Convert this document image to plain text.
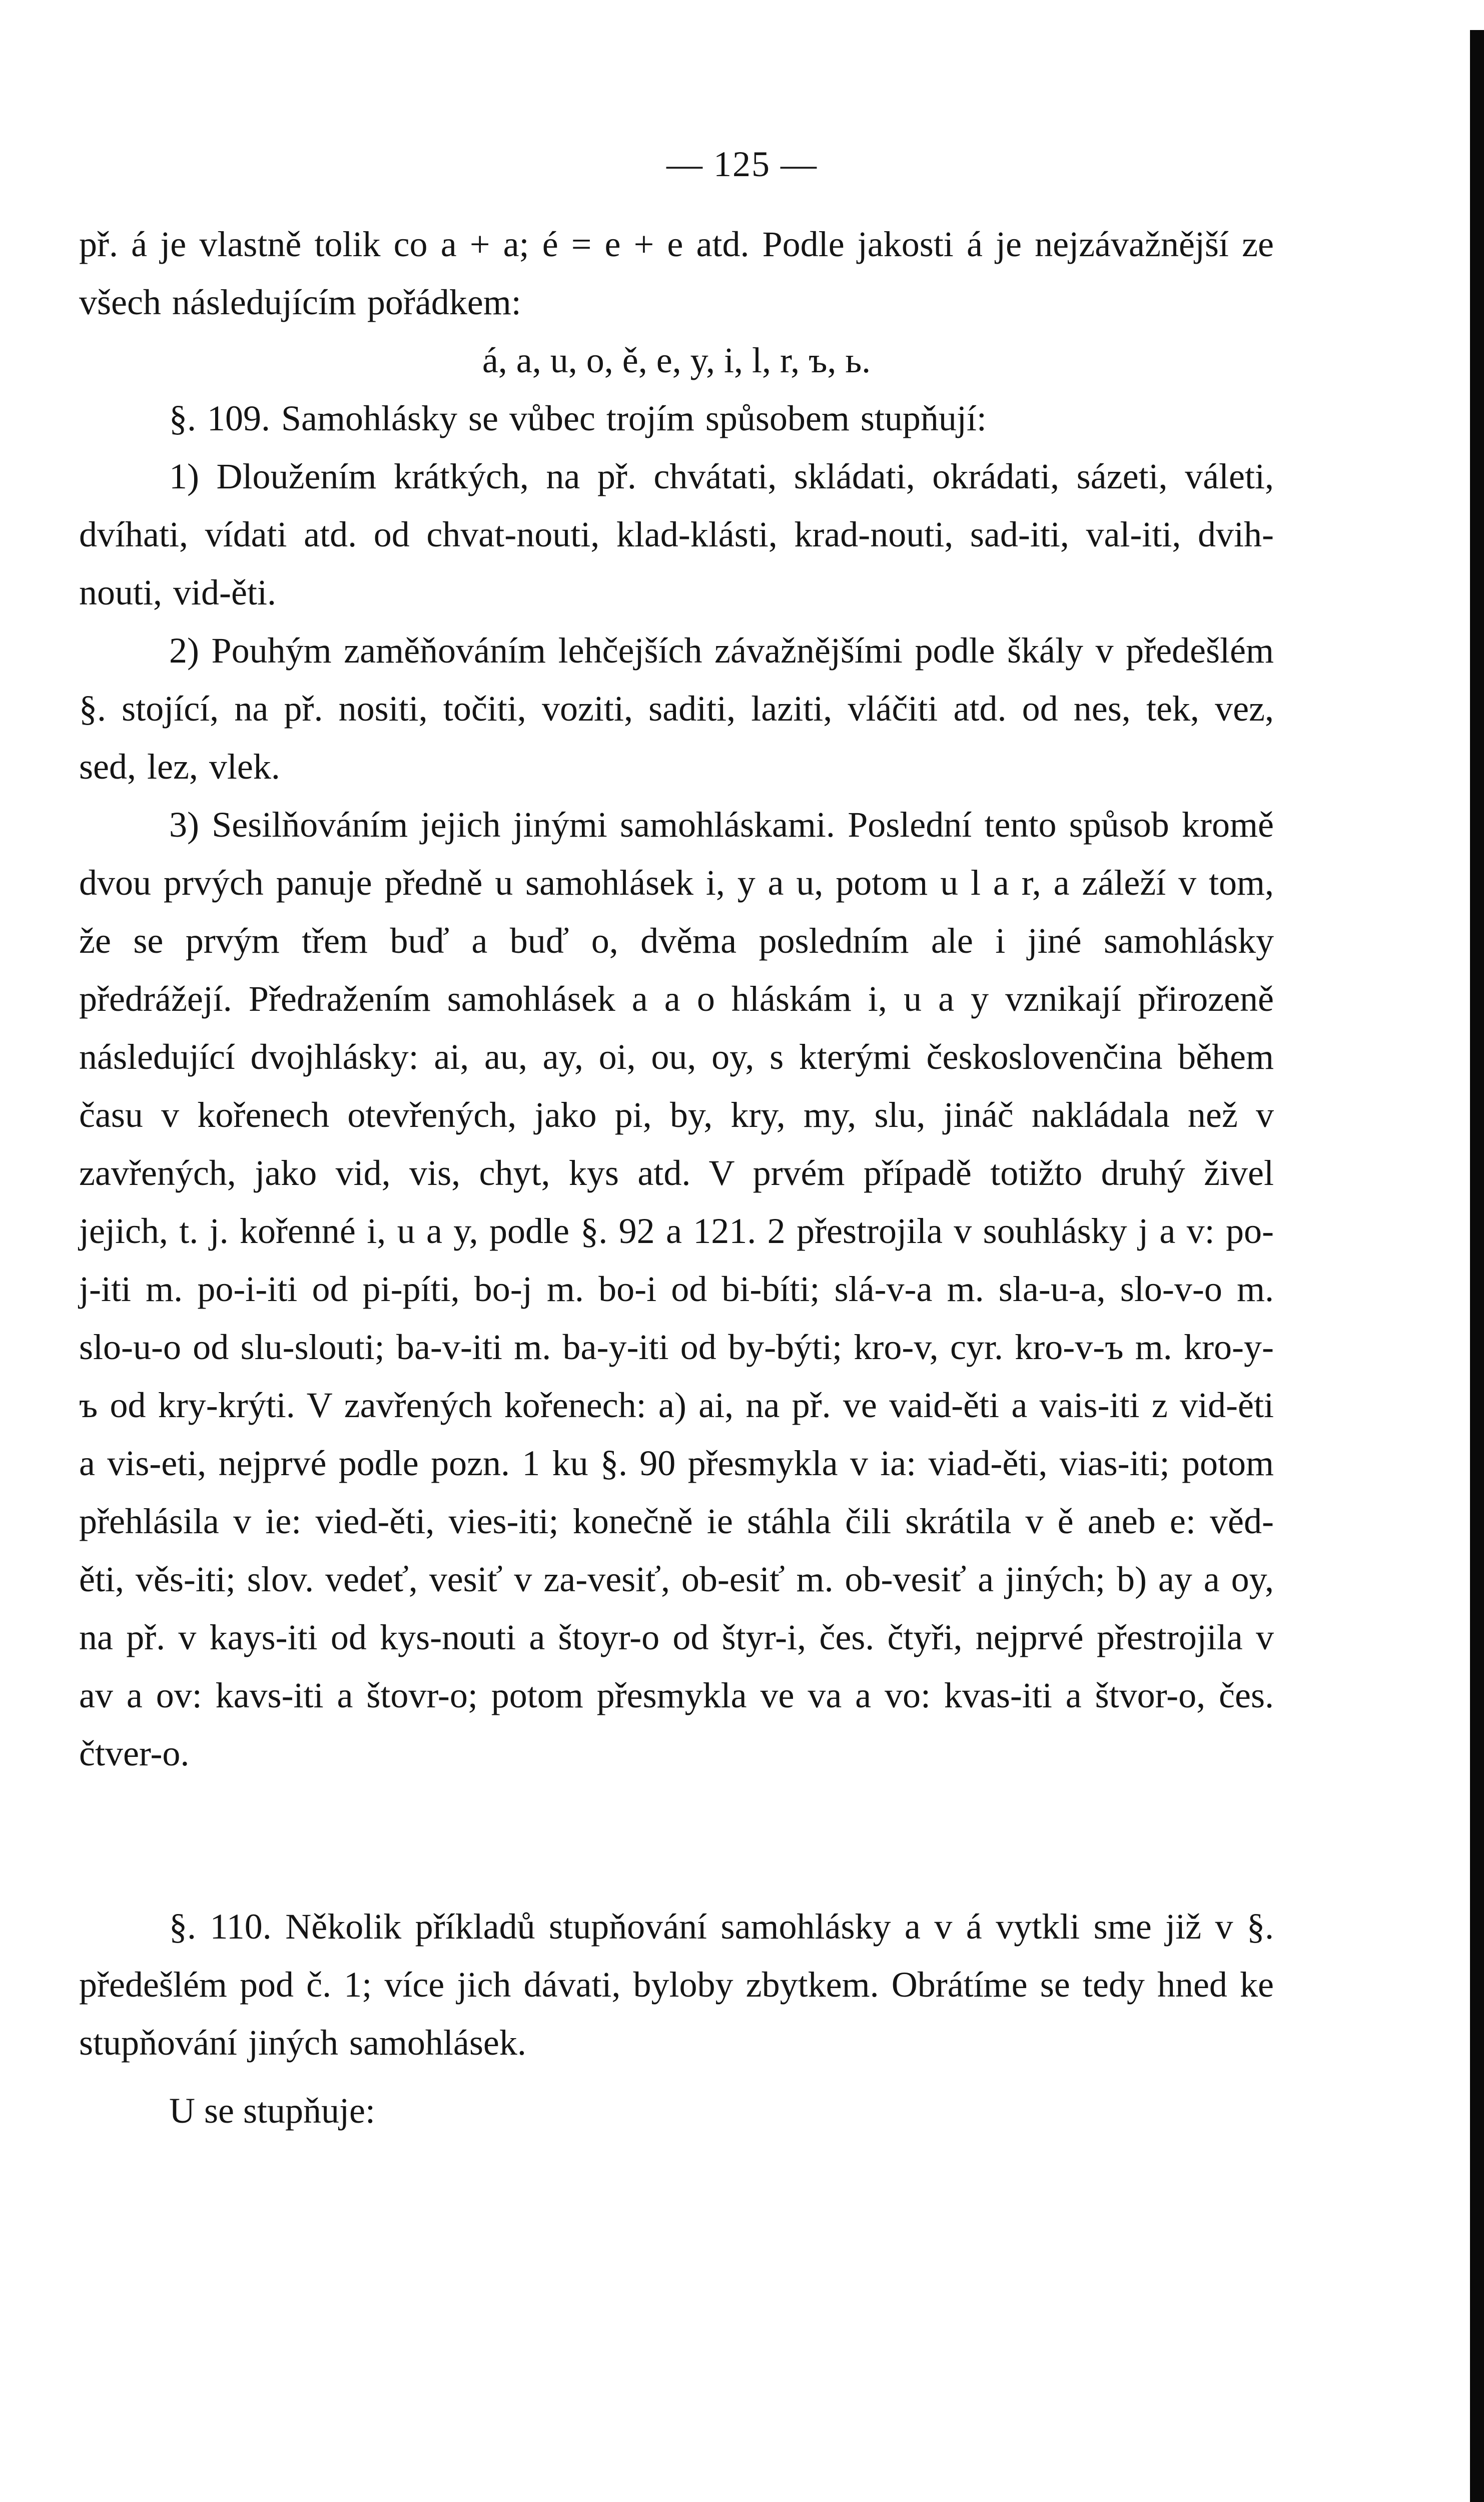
— 125 —

př. á je vlastně tolik co a + a; é = e + e atd. Podle jakosti á je nejzávažnější ze všech následujícím pořádkem:

á, a, u, o, ě, e, y, i, l, r, ъ, ь.

§. 109. Samohlásky se vůbec trojím spůsobem stupňují:

1) Dloužením krátkých, na př. chvátati, skládati, okrádati, sázeti, váleti, dvíhati, vídati atd. od chvat-nouti, klad-klásti, krad-nouti, sad-iti, val-iti, dvih-nouti, vid-ěti.

2) Pouhým zaměňováním lehčejších závažnějšími podle škály v předešlém §. stojící, na př. nositi, točiti, voziti, saditi, laziti, vláčiti atd. od nes, tek, vez, sed, lez, vlek.

3) Sesilňováním jejich jinými samohláskami. Poslední tento spůsob kromě dvou prvých panuje předně u samohlásek i, y a u, potom u l a r, a záleží v tom, že se prvým třem buď a buď o, dvěma posledním ale i jiné samohlásky předrážejí. Předražením samohlásek a a o hláskám i, u a y vznikají přirozeně následující dvojhlásky: ai, au, ay, oi, ou, oy, s kterými českoslovenčina během času v kořenech otevřených, jako pi, by, kry, my, slu, jináč nakládala než v zavřených, jako vid, vis, chyt, kys atd. V prvém případě totižto druhý živel jejich, t. j. kořenné i, u a y, podle §. 92 a 121. 2 přestrojila v souhlásky j a v: po-j-iti m. po-i-iti od pi-píti, bo-j m. bo-i od bi-bíti; slá-v-a m. sla-u-a, slo-v-o m. slo-u-o od slu-slouti; ba-v-iti m. ba-y-iti od by-býti; kro-v, cyr. kro-v-ъ m. kro-y-ъ od kry-krýti. V zavřených kořenech: a) ai, na př. ve vaid-ěti a vais-iti z vid-ěti a vis-eti, nejprvé podle pozn. 1 ku §. 90 přesmykla v ia: viad-ěti, vias-iti; potom přehlásila v ie: vied-ěti, vies-iti; konečně ie stáhla čili skrátila v ě aneb e: věd-ěti, věs-iti; slov. vedeť, vesiť v za-vesiť, ob-esiť m. ob-vesiť a jiných; b) ay a oy, na př. v kays-iti od kys-nouti a štoyr-o od štyr-i, čes. čtyři, nejprvé přestrojila v av a ov: kavs-iti a štovr-o; potom přesmykla ve va a vo: kvas-iti a štvor-o, čes. čtver-o.

§. 110. Několik příkladů stupňování samohlásky a v á vytkli sme již v §. předešlém pod č. 1; více jich dávati, byloby zbytkem. Obrátíme se tedy hned ke stupňování jiných samohlásek.

U se stupňuje:
